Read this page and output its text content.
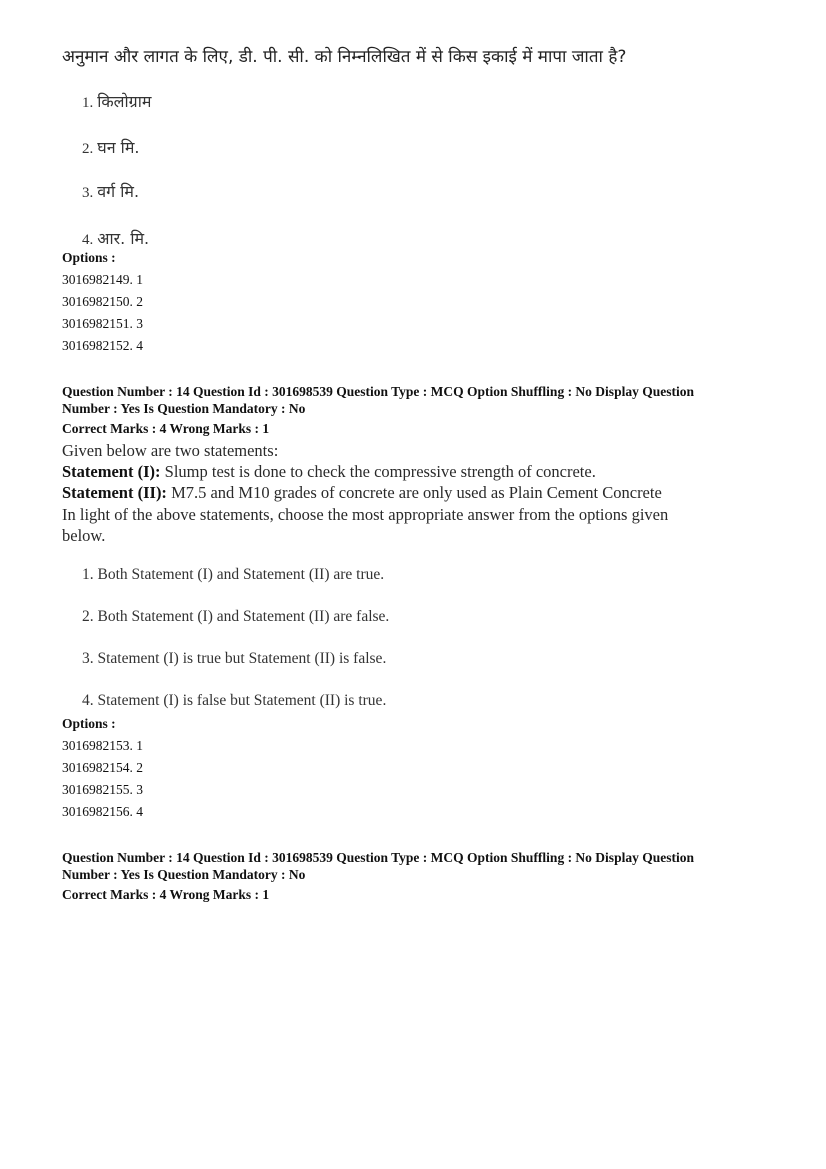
अनुमान और लागत के लिए, डी. पी. सी. को निम्नलिखित में से किस इकाई में मापा जाता है?
1. किलोग्राम
2. घन मि.
3. वर्ग मि.
4. आर. मि.
Options :
3016982149. 1
3016982150. 2
3016982151. 3
3016982152. 4
Question Number : 14 Question Id : 301698539 Question Type : MCQ Option Shuffling : No Display Question
Number : Yes Is Question Mandatory : No
Correct Marks : 4 Wrong Marks : 1
Given below are two statements:
Statement (I): Slump test is done to check the compressive strength of concrete.
Statement (II): M7.5 and M10 grades of concrete are only used as Plain Cement Concrete
In light of the above statements, choose the most appropriate answer from the options given
below.
1. Both Statement (I) and Statement (II) are true.
2. Both Statement (I) and Statement (II) are false.
3. Statement (I) is true but Statement (II) is false.
4. Statement (I) is false but Statement (II) is true.
Options :
3016982153. 1
3016982154. 2
3016982155. 3
3016982156. 4
Question Number : 14 Question Id : 301698539 Question Type : MCQ Option Shuffling : No Display Question
Number : Yes Is Question Mandatory : No
Correct Marks : 4 Wrong Marks : 1
